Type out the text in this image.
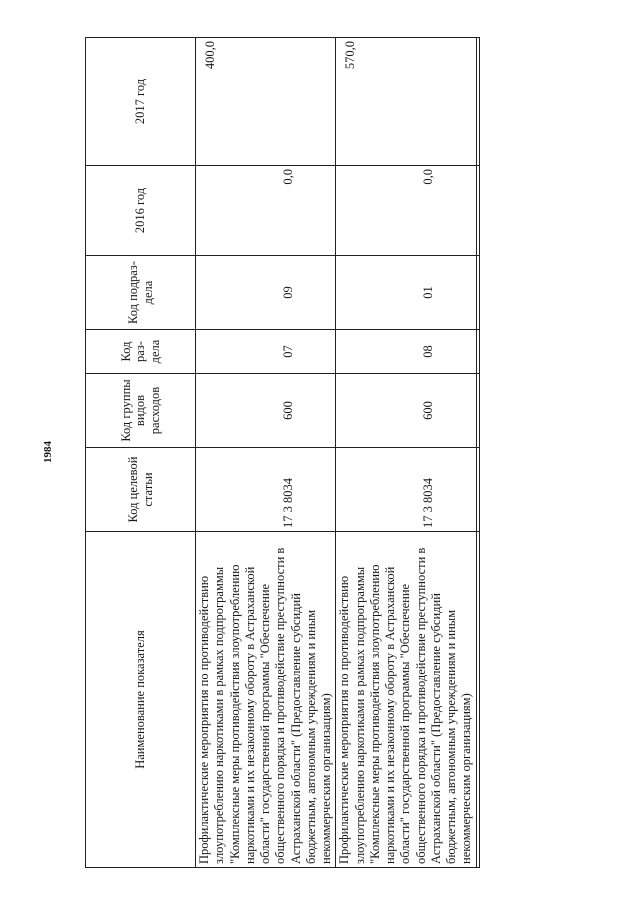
1984
Наименование показателя	Код целевой статьи	Код группы видов расходов	Код раз-дела	Код подраз-дела	2016 год	2017 год
Профилактические мероприятия по противодействию злоупотреблению наркотиками в рамках подпрограммы "Комплексные меры противодействия злоупотреблению наркотиками и их незаконному обороту в Астраханской области" государственной программы "Обеспечение общественного порядка и противодействие преступности в Астраханской области" (Предоставление субсидий бюджетным, автономным учреждениям и иным некоммерческим организациям)	17 3 8034	600	07	09	0,0	400,0

Профилактические мероприятия по противодействию злоупотреблению наркотиками в рамках подпрограммы "Комплексные меры противодействия злоупотреблению наркотиками и их незаконному обороту в Астраханской области" государственной программы "Обеспечение общественного порядка и противодействие преступности в Астраханской области" (Предоставление субсидий бюджетным, автономным учреждениям и иным некоммерческим организациям)	17 3 8034	600	08	01	0,0	570,0
